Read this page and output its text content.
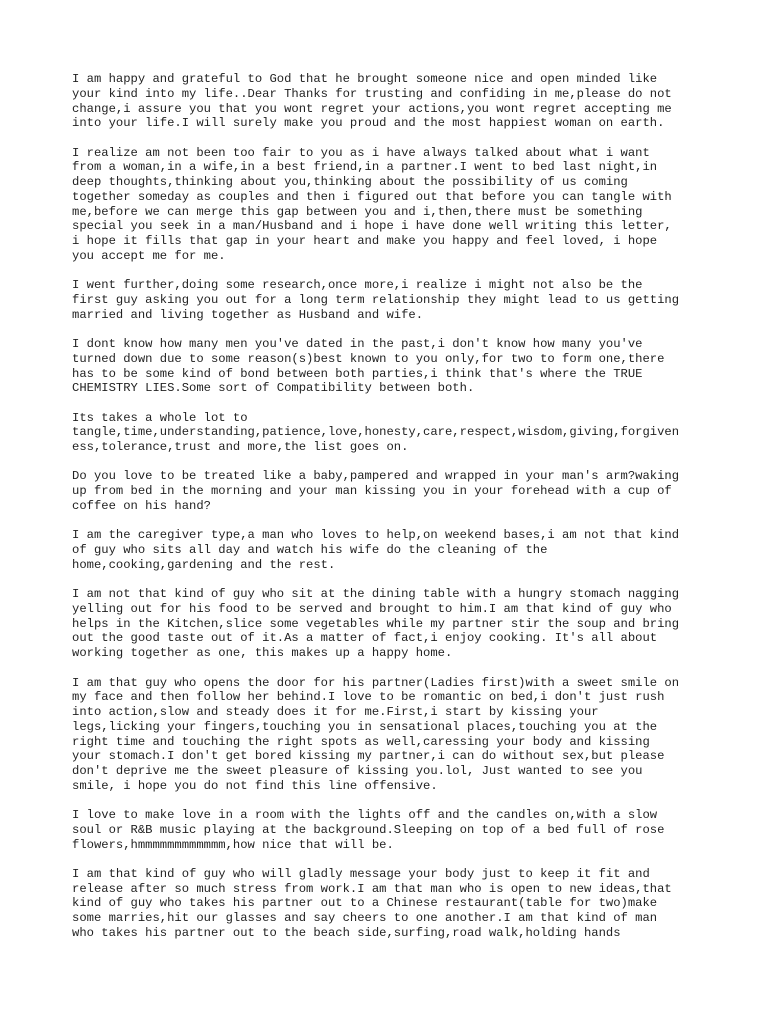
I am happy and grateful to God that he brought someone nice and open minded like
your kind into my life..Dear Thanks for trusting and confiding in me,please do not
change,i assure you that you wont regret your actions,you wont regret accepting me
into your life.I will surely make you proud and the most happiest woman on earth.

I realize am not been too fair to you as i have always talked about what i want
from a woman,in a wife,in a best friend,in a partner.I went to bed last night,in
deep thoughts,thinking about you,thinking about the possibility of us coming
together someday as couples and then i figured out that before you can tangle with
me,before we can merge this gap between you and i,then,there must be something
special you seek in a man/Husband and i hope i have done well writing this letter,
i hope it fills that gap in your heart and make you happy and feel loved, i hope
you accept me for me.

I went further,doing some research,once more,i realize i might not also be the
first guy asking you out for a long term relationship they might lead to us getting
married and living together as Husband and wife.

I dont know how many men you've dated in the past,i don't know how many you've
turned down due to some reason(s)best known to you only,for two to form one,there
has to be some kind of bond between both parties,i think that's where the TRUE
CHEMISTRY LIES.Some sort of Compatibility between both.

Its takes a whole lot to
tangle,time,understanding,patience,love,honesty,care,respect,wisdom,giving,forgiven
ess,tolerance,trust and more,the list goes on.

Do you love to be treated like a baby,pampered and wrapped in your man's arm?waking
up from bed in the morning and your man kissing you in your forehead with a cup of
coffee on his hand?

I am the caregiver type,a man who loves to help,on weekend bases,i am not that kind
of guy who sits all day and watch his wife do the cleaning of the
home,cooking,gardening and the rest.

I am not that kind of guy who sit at the dining table with a hungry stomach nagging
yelling out for his food to be served and brought to him.I am that kind of guy who
helps in the Kitchen,slice some vegetables while my partner stir the soup and bring
out the good taste out of it.As a matter of fact,i enjoy cooking. It's all about
working together as one, this makes up a happy home.

I am that guy who opens the door for his partner(Ladies first)with a sweet smile on
my face and then follow her behind.I love to be romantic on bed,i don't just rush
into action,slow and steady does it for me.First,i start by kissing your
legs,licking your fingers,touching you in sensational places,touching you at the
right time and touching the right spots as well,caressing your body and kissing
your stomach.I don't get bored kissing my partner,i can do without sex,but please
don't deprive me the sweet pleasure of kissing you.lol, Just wanted to see you
smile, i hope you do not find this line offensive.

I love to make love in a room with the lights off and the candles on,with a slow
soul or R&B music playing at the background.Sleeping on top of a bed full of rose
flowers,hmmmmmmmmmmmm,how nice that will be.

I am that kind of guy who will gladly message your body just to keep it fit and
release after so much stress from work.I am that man who is open to new ideas,that
kind of guy who takes his partner out to a Chinese restaurant(table for two)make
some marries,hit our glasses and say cheers to one another.I am that kind of man
who takes his partner out to the beach side,surfing,road walk,holding hands
